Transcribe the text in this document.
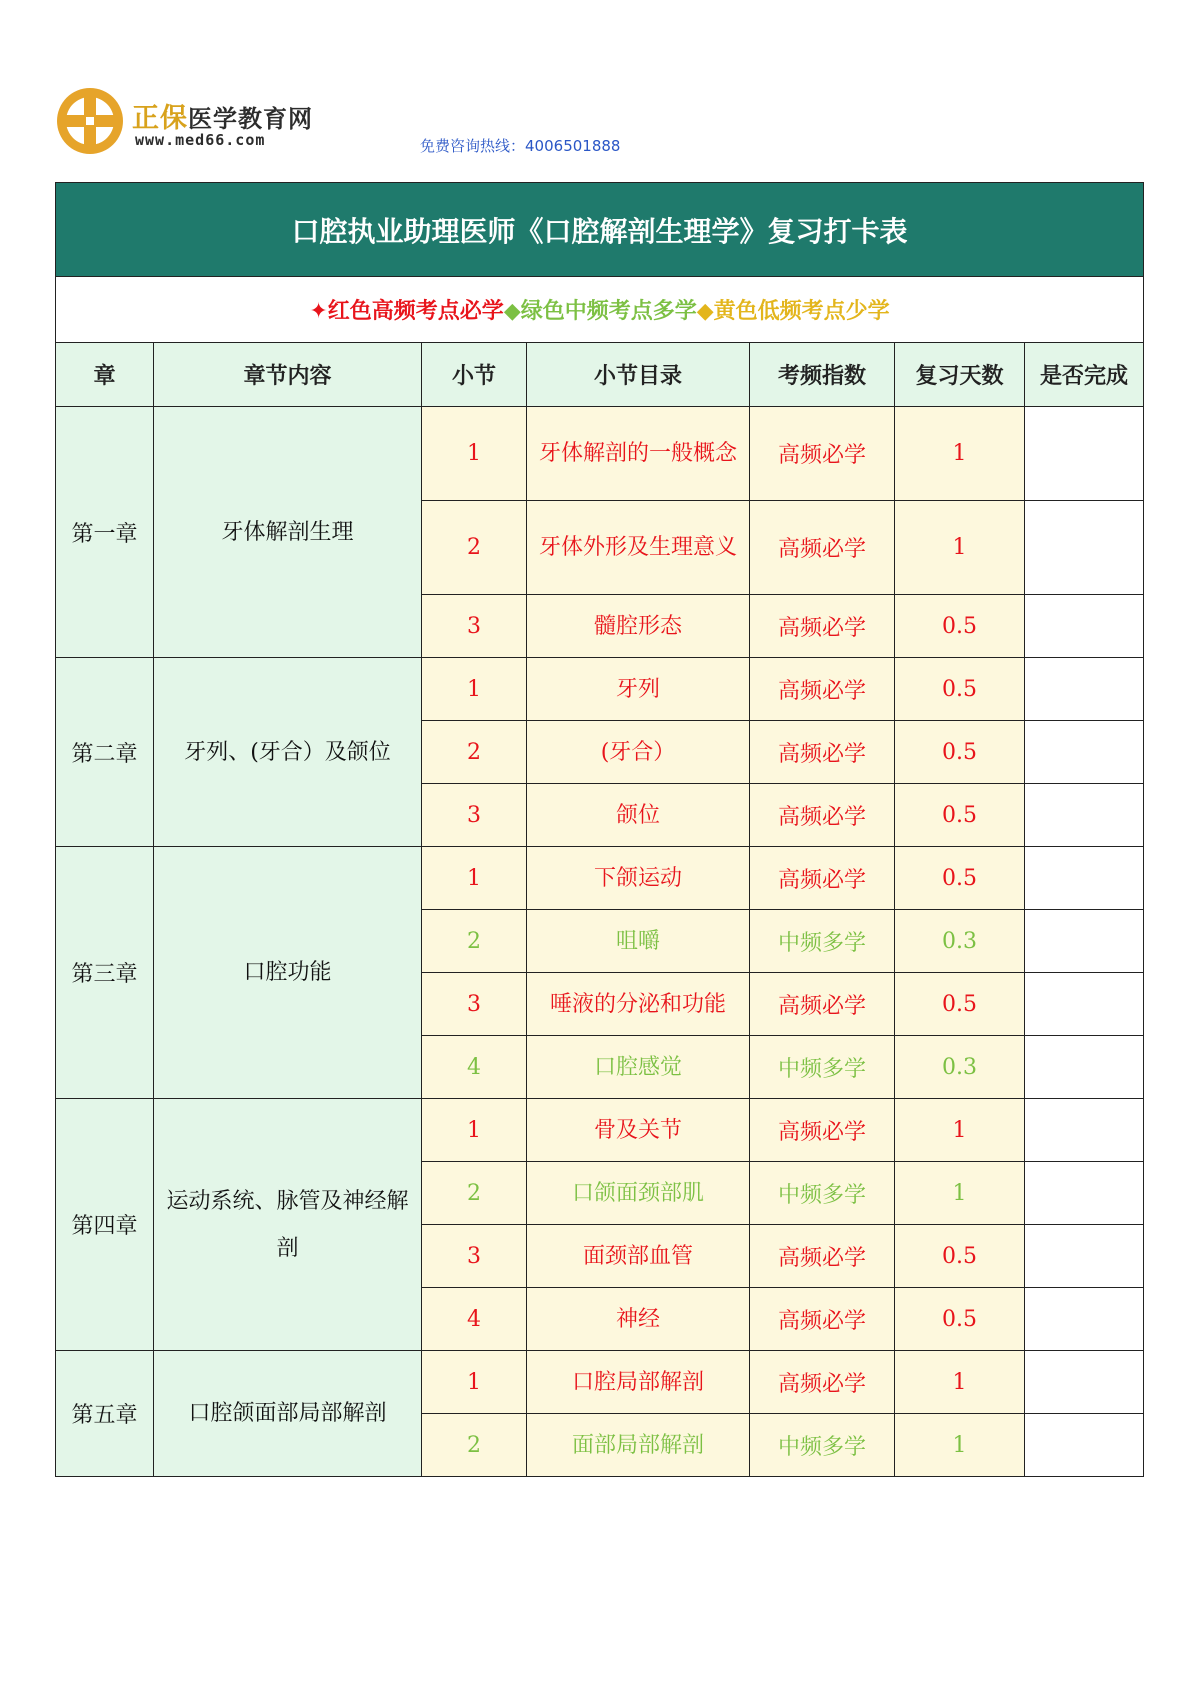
正保医学教育网
www.med66.com	免费咨询热线：4006501888
口腔执业助理医师《口腔解剖生理学》复习打卡表						
✦红色高频考点必学◆绿色中频考点多学◆黄色低频考点少学						
章	章节内容	小节	小节目录	考频指数	复习天数	是否完成
第一章	牙体解剖生理	1	牙体解剖的一般概念	高频必学	1	
		2	牙体外形及生理意义	高频必学	1	
		3	髓腔形态	高频必学	0.5	
第二章	牙列、(牙合）及颌位	1	牙列	高频必学	0.5	
		2	(牙合）	高频必学	0.5	
		3	颌位	高频必学	0.5	
第三章	口腔功能	1	下颌运动	高频必学	0.5	
		2	咀嚼	中频多学	0.3	
		3	唾液的分泌和功能	高频必学	0.5	
		4	口腔感觉	中频多学	0.3	
第四章	运动系统、脉管及神经解剖	1	骨及关节	高频必学	1	
		2	口颌面颈部肌	中频多学	1	
		3	面颈部血管	高频必学	0.5	
		4	神经	高频必学	0.5	
第五章	口腔颌面部局部解剖	1	口腔局部解剖	高频必学	1	
		2	面部局部解剖	中频多学	1	
